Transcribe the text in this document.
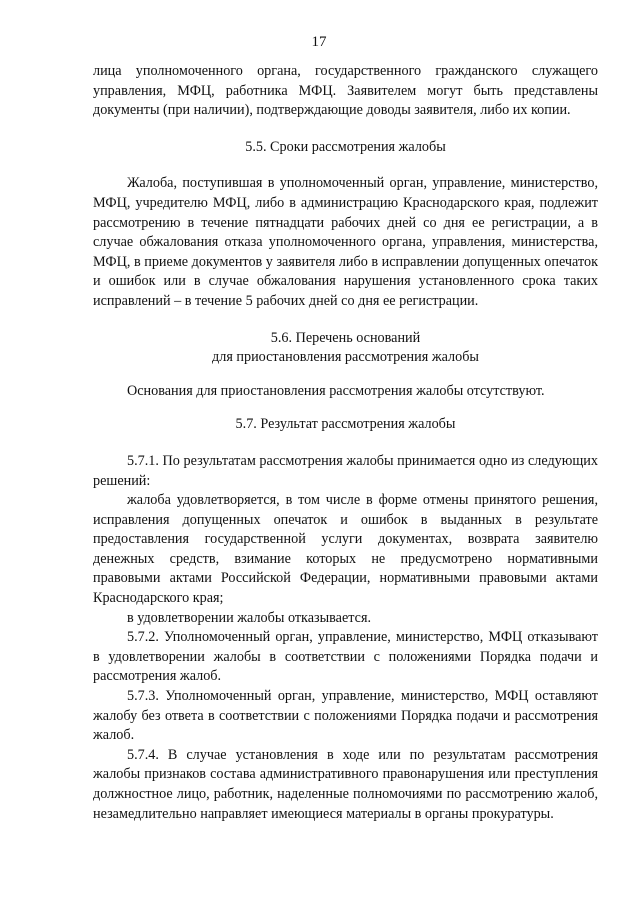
17

лица уполномоченного органа, государственного гражданского служащего управления, МФЦ, работника МФЦ. Заявителем могут быть представлены документы (при наличии), подтверждающие доводы заявителя, либо их копии.

5.5. Сроки рассмотрения жалобы

Жалоба, поступившая в уполномоченный орган, управление, министерство, МФЦ, учредителю МФЦ, либо в администрацию Краснодарского края, подлежит рассмотрению в течение пятнадцати рабочих дней со дня ее регистрации, а в случае обжалования отказа уполномоченного органа, управления, министерства, МФЦ, в приеме документов у заявителя либо в исправлении допущенных опечаток и ошибок или в случае обжалования нарушения установленного срока таких исправлений – в течение 5 рабочих дней со дня ее регистрации.

5.6. Перечень оснований

для приостановления рассмотрения жалобы

Основания для приостановления рассмотрения жалобы отсутствуют.

5.7. Результат рассмотрения жалобы

5.7.1. По результатам рассмотрения жалобы принимается одно из следующих решений:

жалоба удовлетворяется, в том числе в форме отмены принятого решения, исправления допущенных опечаток и ошибок в выданных в результате предоставления государственной услуги документах, возврата заявителю денежных средств, взимание которых не предусмотрено нормативными правовыми актами Российской Федерации, нормативными правовыми актами Краснодарского края;

в удовлетворении жалобы отказывается.

5.7.2. Уполномоченный орган, управление, министерство, МФЦ отказывают в удовлетворении жалобы в соответствии с положениями Порядка подачи и рассмотрения жалоб.

5.7.3. Уполномоченный орган, управление, министерство, МФЦ оставляют жалобу без ответа в соответствии с положениями Порядка подачи и рассмотрения жалоб.

5.7.4. В случае установления в ходе или по результатам рассмотрения жалобы признаков состава административного правонарушения или преступления должностное лицо, работник, наделенные полномочиями по рассмотрению жалоб, незамедлительно направляет имеющиеся материалы в органы прокуратуры.
